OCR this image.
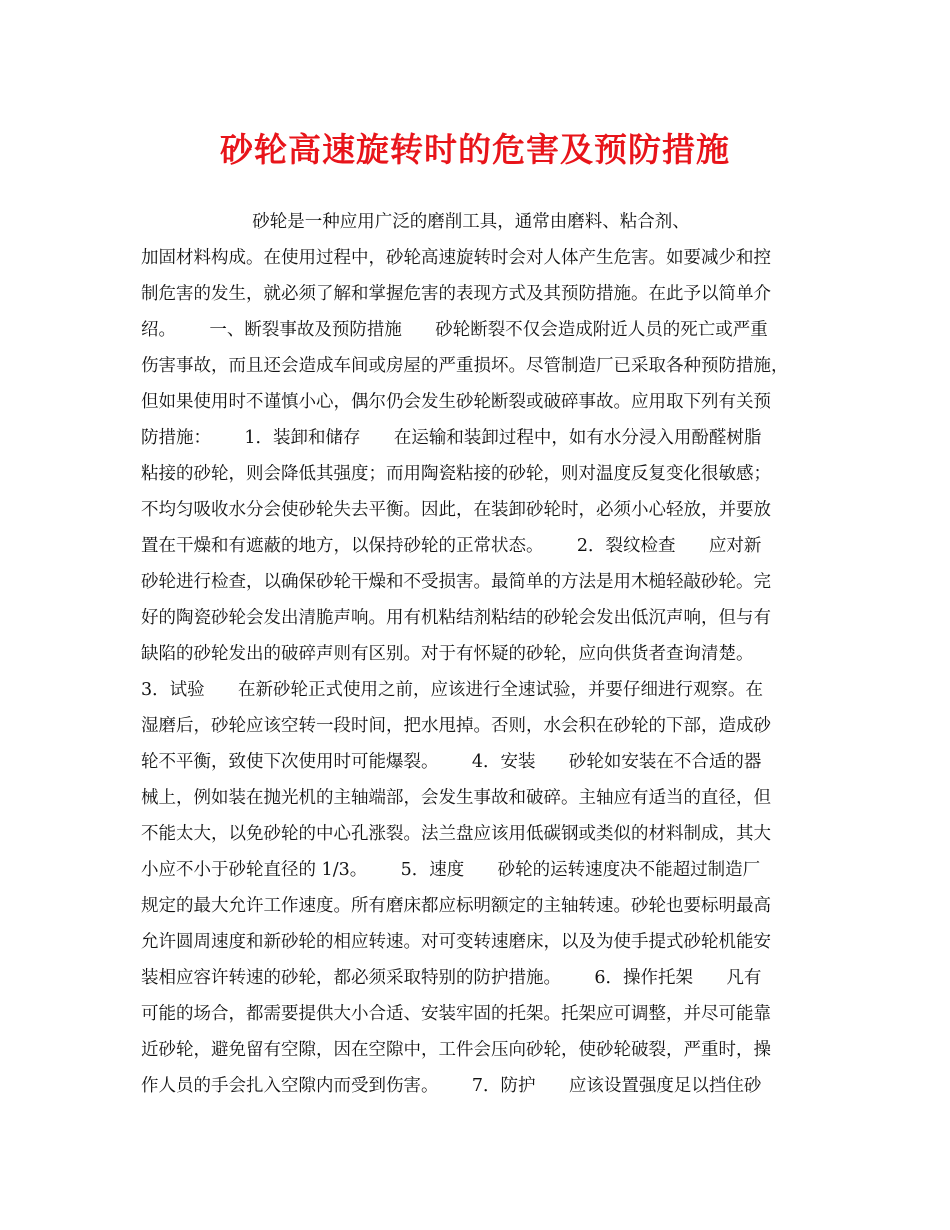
砂轮高速旋转时的危害及预防措施
砂轮是一种应用广泛的磨削工具，通常由磨料、粘合剂、
加固材料构成。在使用过程中，砂轮高速旋转时会对人体产生危害。如要减少和控
制危害的发生，就必须了解和掌握危害的表现方式及其预防措施。在此予以简单介
绍。      一、断裂事故及预防措施      砂轮断裂不仅会造成附近人员的死亡或严重
伤害事故，而且还会造成车间或房屋的严重损坏。尽管制造厂已采取各种预防措施，
但如果使用时不谨慎小心，偶尔仍会发生砂轮断裂或破碎事故。应用取下列有关预
防措施：      1．装卸和储存      在运输和装卸过程中，如有水分浸入用酚醛树脂
粘接的砂轮，则会降低其强度；而用陶瓷粘接的砂轮，则对温度反复变化很敏感；
不均匀吸收水分会使砂轮失去平衡。因此，在装卸砂轮时，必须小心轻放，并要放
置在干燥和有遮蔽的地方，以保持砂轮的正常状态。      2．裂纹检查      应对新
砂轮进行检查，以确保砂轮干燥和不受损害。最简单的方法是用木槌轻敲砂轮。完
好的陶瓷砂轮会发出清脆声响。用有机粘结剂粘结的砂轮会发出低沉声响，但与有
缺陷的砂轮发出的破碎声则有区别。对于有怀疑的砂轮，应向供货者查询清楚。
3．试验      在新砂轮正式使用之前，应该进行全速试验，并要仔细进行观察。在
湿磨后，砂轮应该空转一段时间，把水甩掉。否则，水会积在砂轮的下部，造成砂
轮不平衡，致使下次使用时可能爆裂。      4．安装      砂轮如安装在不合适的器
械上，例如装在抛光机的主轴端部，会发生事故和破碎。主轴应有适当的直径，但
不能太大，以免砂轮的中心孔涨裂。法兰盘应该用低碳钢或类似的材料制成，其大
小应不小于砂轮直径的 1/3。      5．速度      砂轮的运转速度决不能超过制造厂
规定的最大允许工作速度。所有磨床都应标明额定的主轴转速。砂轮也要标明最高
允许圆周速度和新砂轮的相应转速。对可变转速磨床，以及为使手提式砂轮机能安
装相应容许转速的砂轮，都必须采取特别的防护措施。      6．操作托架      凡有
可能的场合，都需要提供大小合适、安装牢固的托架。托架应可调整，并尽可能靠
近砂轮，避免留有空隙，因在空隙中，工件会压向砂轮，使砂轮破裂，严重时，操
作人员的手会扎入空隙内而受到伤害。      7．防护      应该设置强度足以挡住砂
